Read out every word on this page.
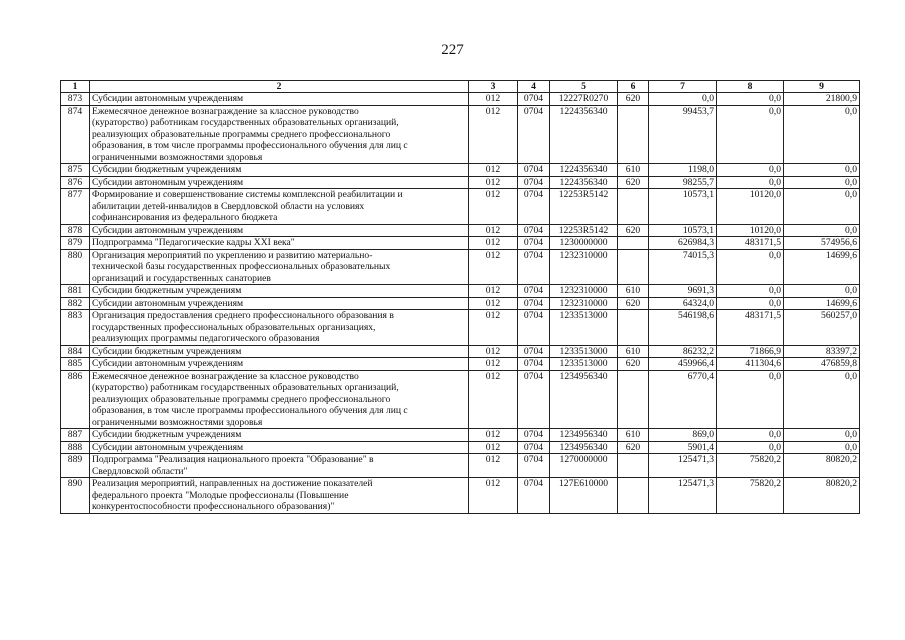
227
1	2	3	4	5	6	7	8	9
873	Субсидии автономным учреждениям	012	0704	12227R0270	620	0,0	0,0	21800,9
874	Ежемесячное денежное вознаграждение за классное руководство
(кураторство) работникам государственных образовательных организаций,
реализующих образовательные программы среднего профессионального
образования, в том числе программы профессионального обучения для лиц с
ограниченными возможностями здоровья	012	0704	1224356340		99453,7	0,0	0,0
875	Субсидии бюджетным учреждениям	012	0704	1224356340	610	1198,0	0,0	0,0
876	Субсидии автономным учреждениям	012	0704	1224356340	620	98255,7	0,0	0,0
877	Формирование и совершенствование системы комплексной реабилитации и
абилитации детей-инвалидов в Свердловской области на условиях
софинансирования из федерального бюджета	012	0704	12253R5142		10573,1	10120,0	0,0
878	Субсидии автономным учреждениям	012	0704	12253R5142	620	10573,1	10120,0	0,0
879	Подпрограмма "Педагогические кадры XXI века"	012	0704	1230000000		626984,3	483171,5	574956,6
880	Организация мероприятий по укреплению и развитию материально-
технической базы государственных профессиональных образовательных
организаций и государственных санаториев	012	0704	1232310000		74015,3	0,0	14699,6
881	Субсидии бюджетным учреждениям	012	0704	1232310000	610	9691,3	0,0	0,0
882	Субсидии автономным учреждениям	012	0704	1232310000	620	64324,0	0,0	14699,6
883	Организация предоставления среднего профессионального образования в
государственных профессиональных образовательных организациях,
реализующих программы педагогического образования	012	0704	1233513000		546198,6	483171,5	560257,0
884	Субсидии бюджетным учреждениям	012	0704	1233513000	610	86232,2	71866,9	83397,2
885	Субсидии автономным учреждениям	012	0704	1233513000	620	459966,4	411304,6	476859,8
886	Ежемесячное денежное вознаграждение за классное руководство
(кураторство) работникам государственных образовательных организаций,
реализующих образовательные программы среднего профессионального
образования, в том числе программы профессионального обучения для лиц с
ограниченными возможностями здоровья	012	0704	1234956340		6770,4	0,0	0,0
887	Субсидии бюджетным учреждениям	012	0704	1234956340	610	869,0	0,0	0,0
888	Субсидии автономным учреждениям	012	0704	1234956340	620	5901,4	0,0	0,0
889	Подпрограмма "Реализация национального проекта "Образование" в
Свердловской области"	012	0704	1270000000		125471,3	75820,2	80820,2
890	Реализация мероприятий, направленных на достижение показателей
федерального проекта "Молодые профессионалы (Повышение
конкурентоспособности профессионального образования)"	012	0704	127E610000		125471,3	75820,2	80820,2
